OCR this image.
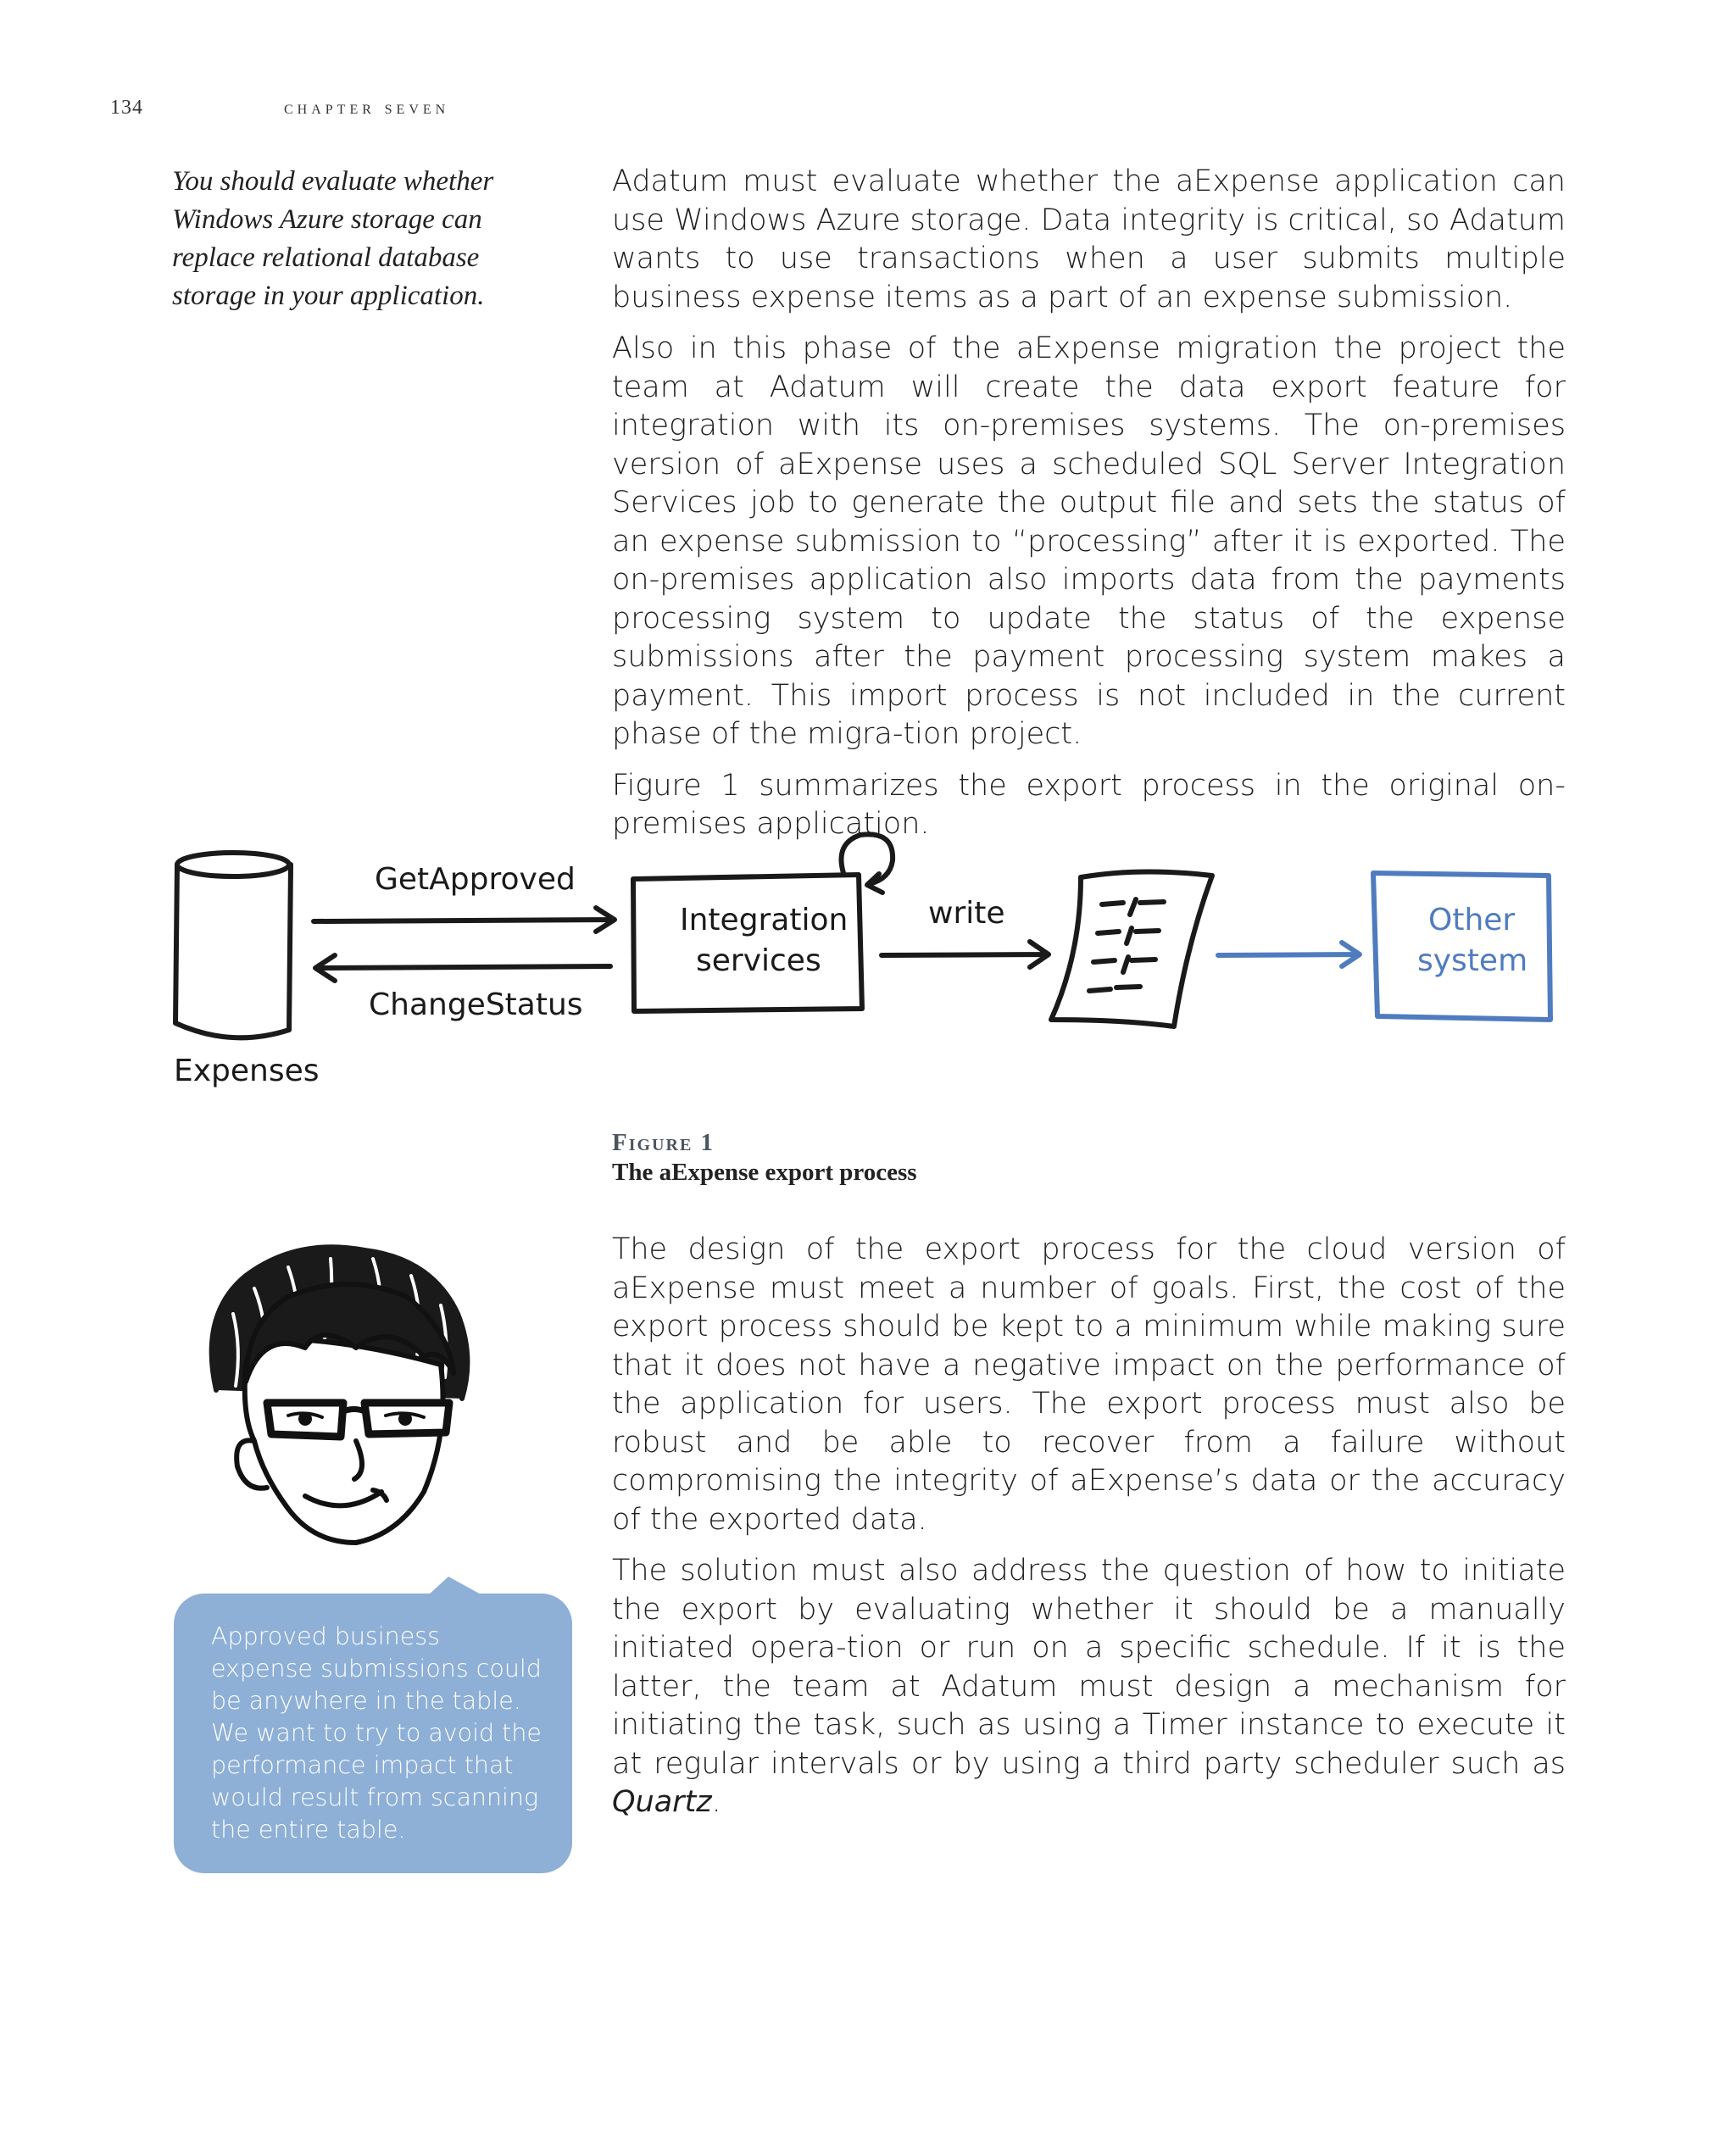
134	chapter seven
You should evaluate whether Windows Azure storage can replace relational database storage in your application.

Adatum must evaluate whether the aExpense application can use Windows Azure storage. Data integrity is critical, so Adatum wants to use transactions when a user submits multiple business expense items as a part of an expense submission.

Also in this phase of the aExpense migration the project the team at Adatum will create the data export feature for integration with its on-premises systems. The on-premises version of aExpense uses a scheduled SQL Server Integration Services job to generate the output file and sets the status of an expense submission to “processing” after it is exported. The on-premises application also imports data from the payments processing system to update the status of the expense submissions after the payment processing system makes a payment. This import process is not included in the current phase of the migra-tion project.

Figure 1 summarizes the export process in the original on-premises application.

GetApproved
ChangeStatus
Expenses
Integration
services
write	Other
system
Figure 1
The aExpense export process

The design of the export process for the cloud version of aExpense must meet a number of goals. First, the cost of the export process should be kept to a minimum while making sure that it does not have a negative impact on the performance of the application for users. The export process must also be robust and be able to recover from a failure without compromising the integrity of aExpense’s data or the accuracy of the exported data.

The solution must also address the question of how to initiate the export by evaluating whether it should be a manually initiated opera-tion or run on a specific schedule. If it is the latter, the team at Adatum must design a mechanism for initiating the task, such as using a Timer instance to execute it at regular intervals or by using a third party scheduler such as Quartz.

Approved business expense submissions could be anywhere in the table. We want to try to avoid the performance impact that would result from scanning the entire table.
